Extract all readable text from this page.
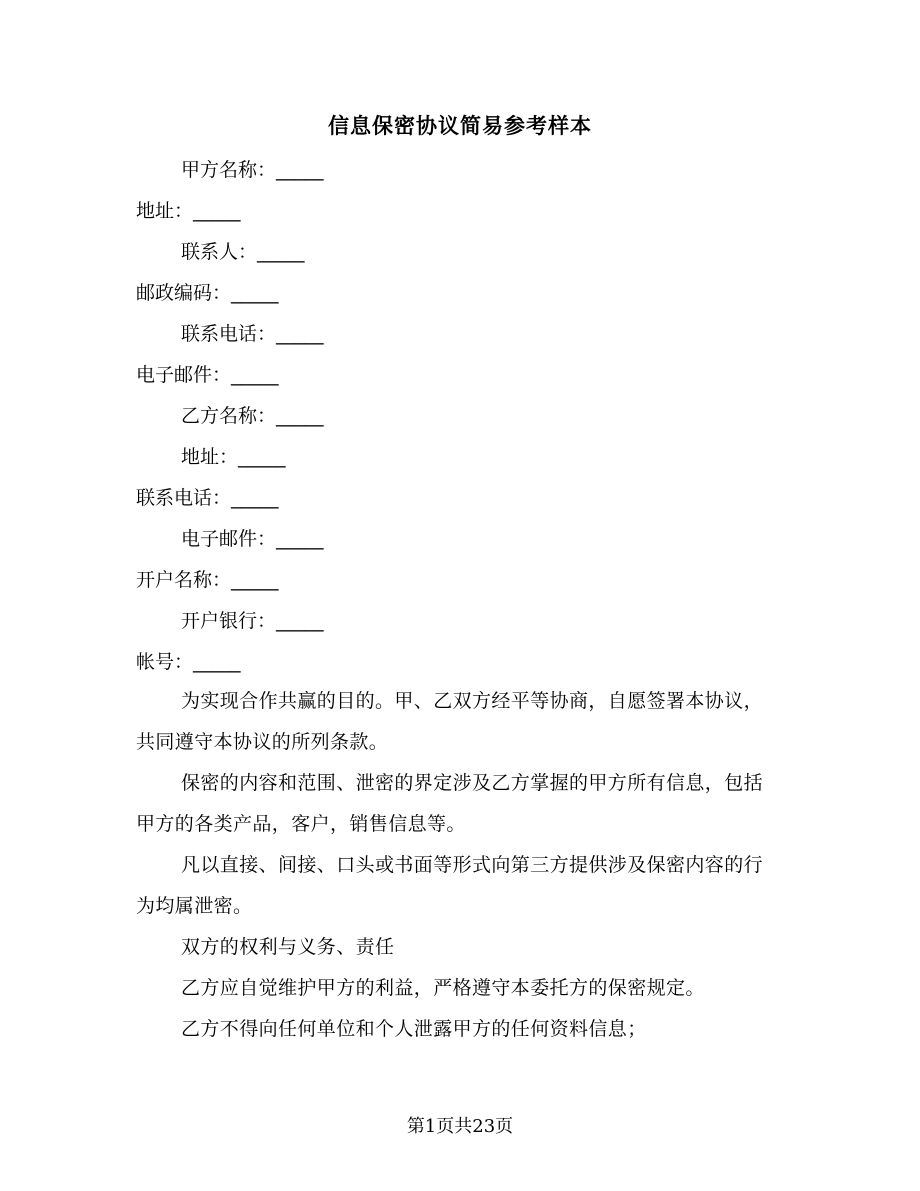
信息保密协议简易参考样本
甲方名称：_____
地址：_____
联系人：_____
邮政编码：_____
联系电话：_____
电子邮件：_____
乙方名称：_____
地址：_____
联系电话：_____
电子邮件：_____
开户名称：_____
开户银行：_____
帐号：_____
为实现合作共赢的目的。甲、乙双方经平等协商，自愿签署本协议，共同遵守本协议的所列条款。
保密的内容和范围、泄密的界定涉及乙方掌握的甲方所有信息，包括甲方的各类产品，客户，销售信息等。
凡以直接、间接、口头或书面等形式向第三方提供涉及保密内容的行为均属泄密。
双方的权利与义务、责任
乙方应自觉维护甲方的利益，严格遵守本委托方的保密规定。
乙方不得向任何单位和个人泄露甲方的任何资料信息；
第1页共23页
